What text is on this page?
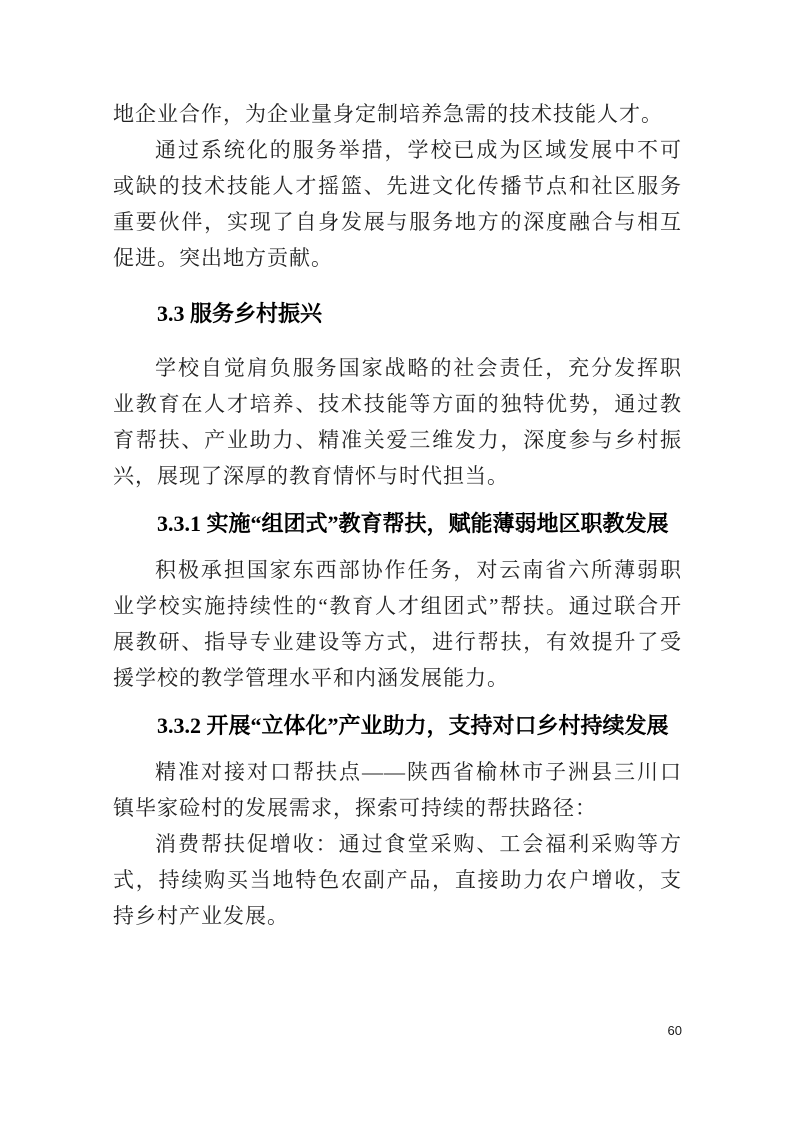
地企业合作，为企业量身定制培养急需的技术技能人才。

通过系统化的服务举措，学校已成为区域发展中不可或缺的技术技能人才摇篮、先进文化传播节点和社区服务重要伙伴，实现了自身发展与服务地方的深度融合与相互促进。突出地方贡献。

3.3 服务乡村振兴

学校自觉肩负服务国家战略的社会责任，充分发挥职业教育在人才培养、技术技能等方面的独特优势，通过教育帮扶、产业助力、精准关爱三维发力，深度参与乡村振兴，展现了深厚的教育情怀与时代担当。

3.3.1 实施“组团式”教育帮扶，赋能薄弱地区职教发展

积极承担国家东西部协作任务，对云南省六所薄弱职业学校实施持续性的“教育人才组团式”帮扶。通过联合开展教研、指导专业建设等方式，进行帮扶，有效提升了受援学校的教学管理水平和内涵发展能力。

3.3.2 开展“立体化”产业助力，支持对口乡村持续发展

精准对接对口帮扶点——陕西省榆林市子洲县三川口镇毕家硷村的发展需求，探索可持续的帮扶路径：

消费帮扶促增收：通过食堂采购、工会福利采购等方式，持续购买当地特色农副产品，直接助力农户增收，支持乡村产业发展。

60
